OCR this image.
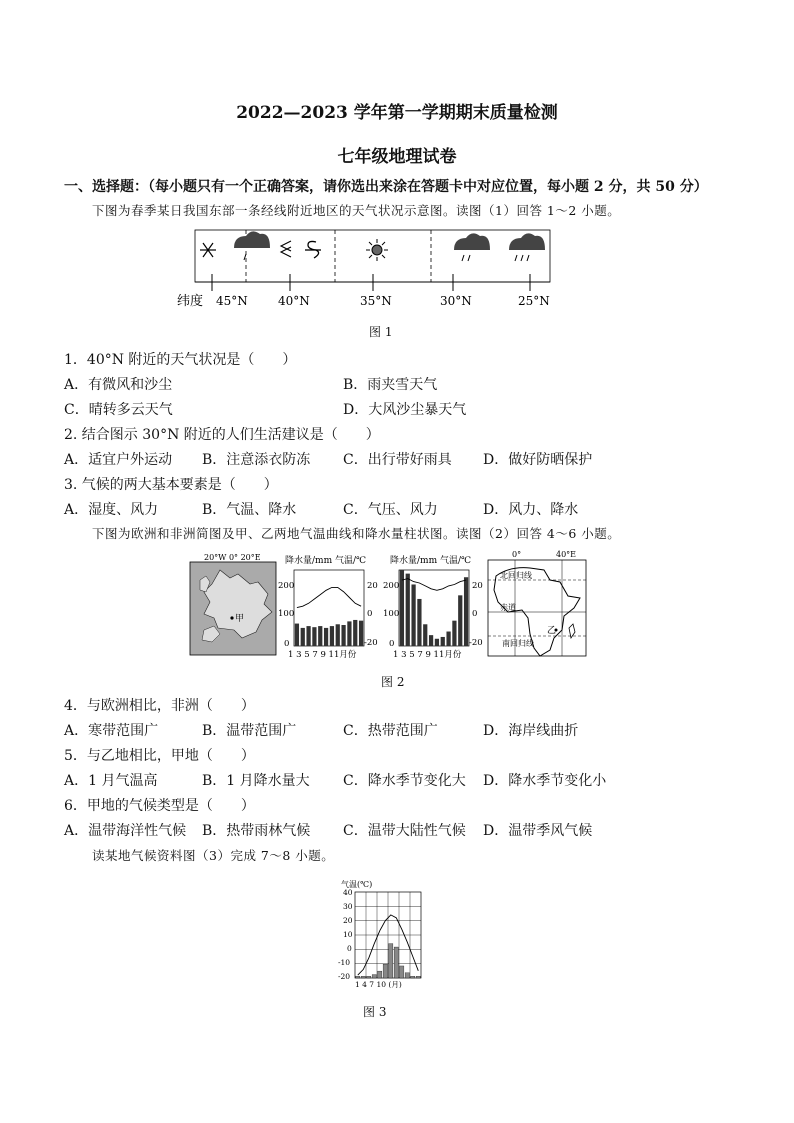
2022—2023 学年第一学期期末质量检测
七年级地理试卷
一、选择题：（每小题只有一个正确答案，请你选出来涂在答题卡中对应位置，每小题 2 分，共 50 分）
下图为春季某日我国东部一条经线附近地区的天气状况示意图。读图（1）回答 1～2 小题。
纬度 45°N	40°N	35°N	30°N	25°N
图 1
1．40°N 附近的天气状况是（　　）
A．有微风和沙尘	B．雨夹雪天气
C．晴转多云天气	D．大风沙尘暴天气
2. 结合图示 30°N 附近的人们生活建议是（　　）
A．适宜户外运动 B．注意添衣防冻 C．出行带好雨具 D．做好防晒保护
3. 气候的两大基本要素是（　　）
A．湿度、风力	B．气温、降水	C．气压、风力	D．风力、降水
下图为欧洲和非洲简图及甲、乙两地气温曲线和降水量柱状图。读图（2）回答 4～6 小题。
甲
20°W 0° 20°E	降水量/mm 气温/℃
200
100
0
20
0
-20
1 3 5 7 9 11月份
降水量/mm 气温/℃
200
100
0
20
0
-20
1 3 5 7 9 11月份
0°	40°E
乙
北回归线
赤道
南回归线
图 2
4．与欧洲相比，非洲（　　）
A．寒带范围广	B．温带范围广	C．热带范围广	D．海岸线曲折
5．与乙地相比，甲地（　　）
A．1 月气温高	B．1 月降水量大 C．降水季节变化大 D．降水季节变化小
6．甲地的气候类型是（　　）
A．温带海洋性气候 B．热带雨林气候 C．温带大陆性气候 D．温带季风气候
读某地气候资料图（3）完成 7～8 小题。
气温(℃)
40
30
20
10
0
-10
-20
1 4 7 10 (月)
图 3
